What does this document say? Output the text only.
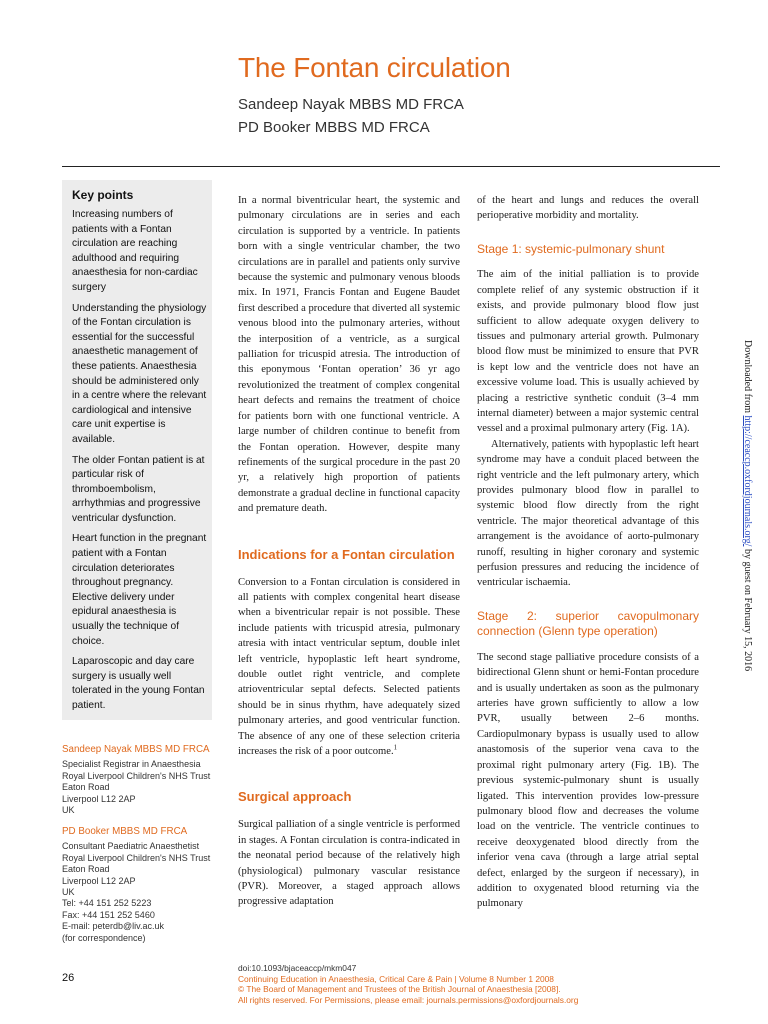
The Fontan circulation
Sandeep Nayak MBBS MD FRCA
PD Booker MBBS MD FRCA
Key points

Increasing numbers of patients with a Fontan circulation are reaching adulthood and requiring anaesthesia for non-cardiac surgery

Understanding the physiology of the Fontan circulation is essential for the successful anaesthetic management of these patients. Anaesthesia should be administered only in a centre where the relevant cardiological and intensive care unit expertise is available.

The older Fontan patient is at particular risk of thromboembolism, arrhythmias and progressive ventricular dysfunction.

Heart function in the pregnant patient with a Fontan circulation deteriorates throughout pregnancy. Elective delivery under epidural anaesthesia is usually the technique of choice.

Laparoscopic and day care surgery is usually well tolerated in the young Fontan patient.

Sandeep Nayak MBBS MD FRCA
Specialist Registrar in Anaesthesia
Royal Liverpool Children's NHS Trust
Eaton Road
Liverpool L12 2AP
UK
PD Booker MBBS MD FRCA
Consultant Paediatric Anaesthetist
Royal Liverpool Children's NHS Trust
Eaton Road
Liverpool L12 2AP
UK
Tel: +44 151 252 5223
Fax: +44 151 252 5460
E-mail: peterdb@liv.ac.uk
(for correspondence)

In a normal biventricular heart, the systemic and pulmonary circulations are in series and each circulation is supported by a ventricle. In patients born with a single ventricular chamber, the two circulations are in parallel and patients only survive because the systemic and pulmonary venous bloods mix. In 1971, Francis Fontan and Eugene Baudet first described a procedure that diverted all systemic venous blood into the pulmonary arteries, without the interposition of a ventricle, as a surgical palliation for tricuspid atresia. The introduction of this eponymous ‘Fontan operation’ 36 yr ago revolutionized the treatment of complex congenital heart defects and remains the treatment of choice for patients born with one functional ventricle. A large number of children continue to benefit from the Fontan operation. However, despite many refinements of the surgical procedure in the past 20 yr, a relatively high proportion of patients demonstrate a gradual decline in functional capacity and premature death.

Indications for a Fontan circulation

Conversion to a Fontan circulation is considered in all patients with complex congenital heart disease when a biventricular repair is not possible. These include patients with tricuspid atresia, pulmonary atresia with intact ventricular septum, double inlet left ventricle, hypoplastic left heart syndrome, double outlet right ventricle, and complete atrioventricular septal defects. Selected patients should be in sinus rhythm, have adequately sized pulmonary arteries, and good ventricular function. The absence of any one of these selection criteria increases the risk of a poor outcome.$^1$

Surgical approach

Surgical palliation of a single ventricle is performed in stages. A Fontan circulation is contra-indicated in the neonatal period because of the relatively high (physiological) pulmonary vascular resistance (PVR). Moreover, a staged approach allows progressive adaptation

of the heart and lungs and reduces the overall perioperative morbidity and mortality.

Stage 1: systemic-pulmonary shunt

The aim of the initial palliation is to provide complete relief of any systemic obstruction if it exists, and provide pulmonary blood flow just sufficient to allow adequate oxygen delivery to tissues and pulmonary arterial growth. Pulmonary blood flow must be minimized to ensure that PVR is kept low and the ventricle does not have an excessive volume load. This is usually achieved by placing a restrictive synthetic conduit (3–4 mm internal diameter) between a major systemic central vessel and a proximal pulmonary artery (Fig. 1A).

Alternatively, patients with hypoplastic left heart syndrome may have a conduit placed between the right ventricle and the left pulmonary artery, which provides pulmonary blood flow in parallel to systemic blood flow directly from the right ventricle. The major theoretical advantage of this arrangement is the avoidance of aorto-pulmonary runoff, resulting in higher coronary and systemic perfusion pressures and reducing the incidence of ventricular ischaemia.

Stage 2: superior cavopulmonary connection (Glenn type operation)

The second stage palliative procedure consists of a bidirectional Glenn shunt or hemi-Fontan procedure and is usually undertaken as soon as the pulmonary arteries have grown sufficiently to allow a low PVR, usually between 2–6 months. Cardiopulmonary bypass is usually used to allow anastomosis of the superior vena cava to the proximal right pulmonary artery (Fig. 1B). The previous systemic-pulmonary shunt is usually ligated. This intervention provides low-pressure pulmonary blood flow and decreases the volume load on the ventricle. The ventricle continues to receive deoxygenated blood directly from the inferior vena cava (through a large atrial septal defect, enlarged by the surgeon if necessary), in addition to oxygenated blood returning via the pulmonary

26
doi:10.1093/bjaceaccp/mkm047
Continuing Education in Anaesthesia, Critical Care & Pain | Volume 8 Number 1 2008
© The Board of Management and Trustees of the British Journal of Anaesthesia [2008].
All rights reserved. For Permissions, please email: journals.permissions@oxfordjournals.org
Downloaded from http://ceaccp.oxfordjournals.org/ by guest on February 15, 2016
